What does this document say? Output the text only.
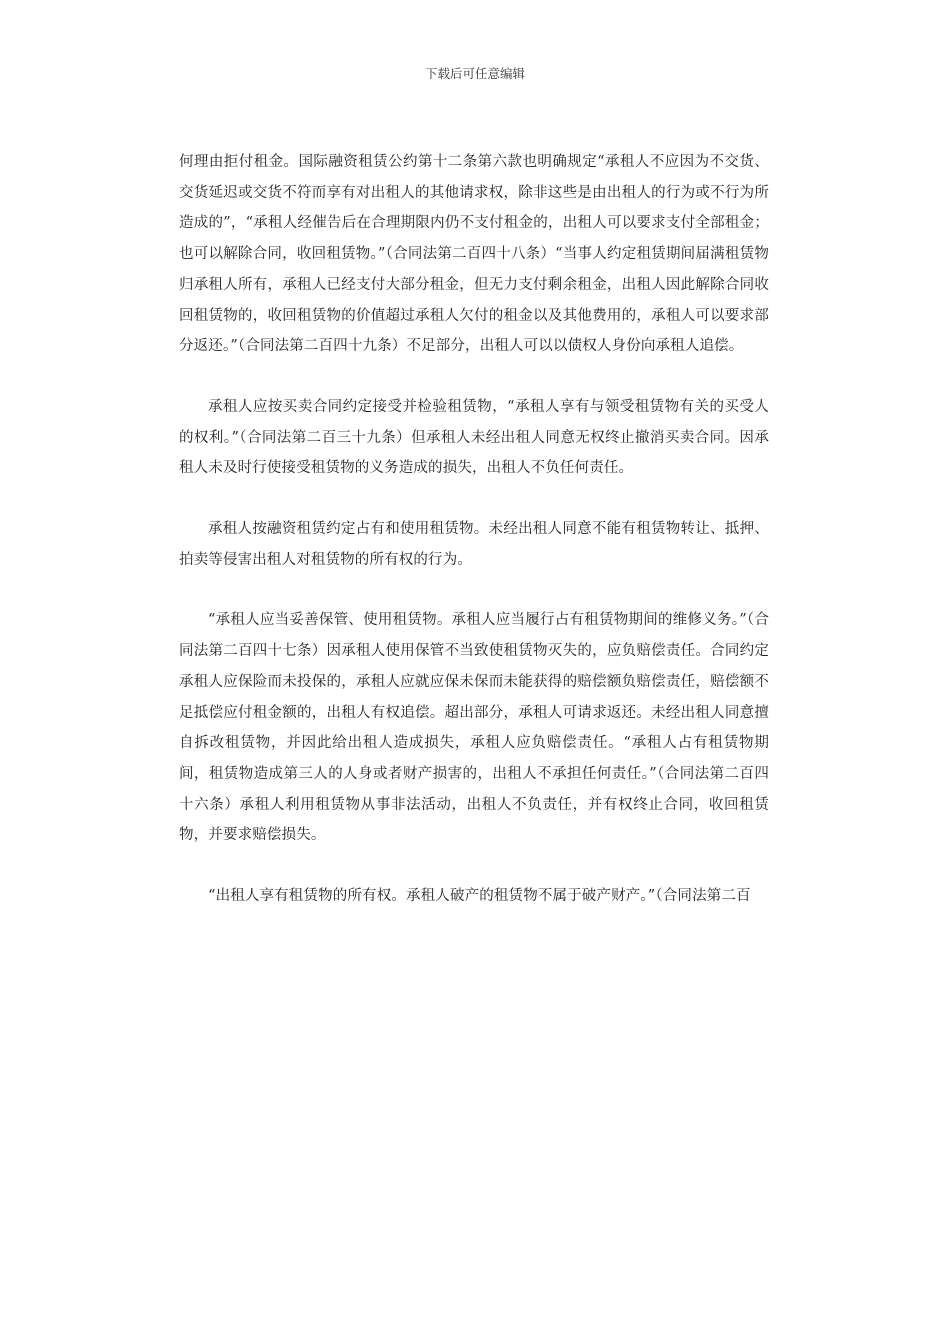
下载后可任意编辑

何理由拒付租金。国际融资租赁公约第十二条第六款也明确规定“承租人不应因为不交货、交货延迟或交货不符而享有对出租人的其他请求权，除非这些是由出租人的行为或不行为所造成的”，“承租人经催告后在合理期限内仍不支付租金的，出租人可以要求支付全部租金；也可以解除合同，收回租赁物。”（合同法第二百四十八条）“当事人约定租赁期间届满租赁物归承租人所有，承租人已经支付大部分租金，但无力支付剩余租金，出租人因此解除合同收回租赁物的，收回租赁物的价值超过承租人欠付的租金以及其他费用的，承租人可以要求部分返还。”（合同法第二百四十九条）不足部分，出租人可以以债权人身份向承租人追偿。

承租人应按买卖合同约定接受并检验租赁物，“承租人享有与领受租赁物有关的买受人的权利。”（合同法第二百三十九条）但承租人未经出租人同意无权终止撤消买卖合同。因承租人未及时行使接受租赁物的义务造成的损失，出租人不负任何责任。

承租人按融资租赁约定占有和使用租赁物。未经出租人同意不能有租赁物转让、抵押、拍卖等侵害出租人对租赁物的所有权的行为。

“承租人应当妥善保管、使用租赁物。承租人应当履行占有租赁物期间的维修义务。”（合同法第二百四十七条）因承租人使用保管不当致使租赁物灭失的，应负赔偿责任。合同约定承租人应保险而未投保的，承租人应就应保未保而未能获得的赔偿额负赔偿责任，赔偿额不足抵偿应付租金额的，出租人有权追偿。超出部分，承租人可请求返还。未经出租人同意擅自拆改租赁物，并因此给出租人造成损失，承租人应负赔偿责任。“承租人占有租赁物期间，租赁物造成第三人的人身或者财产损害的，出租人不承担任何责任。”（合同法第二百四十六条）承租人利用租赁物从事非法活动，出租人不负责任，并有权终止合同，收回租赁物，并要求赔偿损失。

“出租人享有租赁物的所有权。承租人破产的租赁物不属于破产财产。”（合同法第二百
